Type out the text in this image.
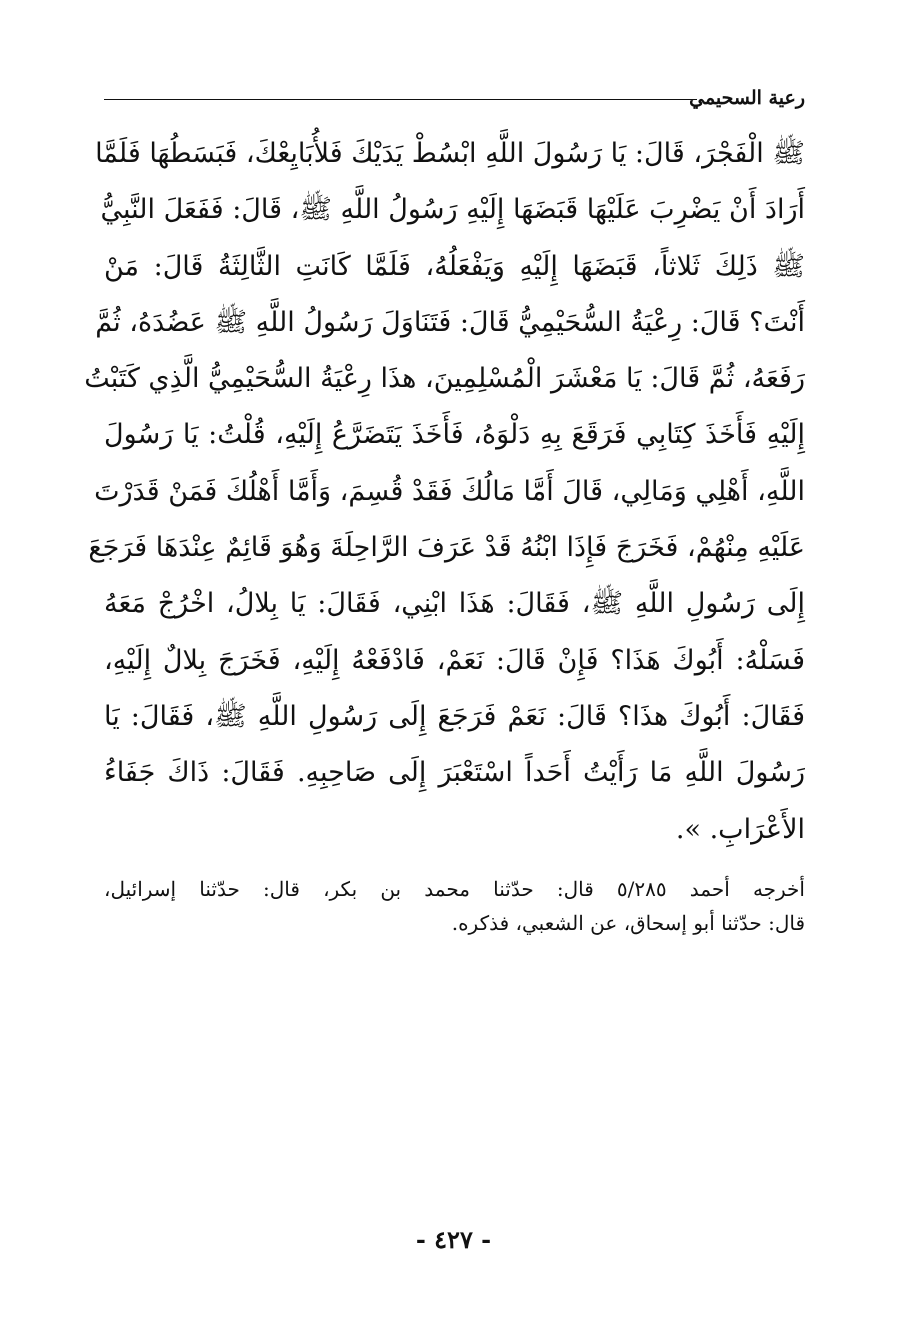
رعية السحيمي
ﷺ الْفَجْرَ، قَالَ: يَا رَسُولَ اللَّهِ ابْسُطْ يَدَيْكَ فَلأُبَايِعْكَ، فَبَسَطُهَا فَلَمَّا
أَرَادَ أَنْ يَضْرِبَ عَلَيْهَا قَبَضَهَا إِلَيْهِ رَسُولُ اللَّهِ ﷺ، قَالَ: فَفَعَلَ النَّبِيُّ
ﷺ ذَلِكَ ثَلاثاً، قَبَضَهَا إِلَيْهِ وَيَفْعَلُهُ، فَلَمَّا كَانَتِ الثَّالِثَةُ قَالَ: مَنْ
أَنْتَ؟ قَالَ: رِعْيَةُ السُّحَيْمِيُّ قَالَ: فَتَنَاوَلَ رَسُولُ اللَّهِ ﷺ عَضُدَهُ، ثُمَّ
رَفَعَهُ، ثُمَّ قَالَ: يَا مَعْشَرَ الْمُسْلِمِينَ، هذَا رِعْيَةُ السُّحَيْمِيُّ الَّذِي كَتَبْتُ
إِلَيْهِ فَأَخَذَ كِتَابِي فَرَقَعَ بِهِ دَلْوَهُ، فَأَخَذَ يَتَضَرَّعُ إِلَيْهِ، قُلْتُ: يَا رَسُولَ
اللَّهِ، أَهْلِي وَمَالِي، قَالَ أَمَّا مَالُكَ فَقَدْ قُسِمَ، وَأَمَّا أَهْلُكَ فَمَنْ قَدَرْتَ
عَلَيْهِ مِنْهُمْ، فَخَرَجَ فَإِذَا ابْنُهُ قَدْ عَرَفَ الرَّاحِلَةَ وَهُوَ قَائِمٌ عِنْدَهَا فَرَجَعَ
إِلَى رَسُولِ اللَّهِ ﷺ، فَقَالَ: هَذَا ابْنِي، فَقَالَ: يَا بِلالُ، اخْرُجْ مَعَهُ
فَسَلْهُ: أَبُوكَ هَذَا؟ فَإِنْ قَالَ: نَعَمْ، فَادْفَعْهُ إِلَيْهِ، فَخَرَجَ بِلالٌ إِلَيْهِ،
فَقَالَ: أَبُوكَ هذَا؟ قَالَ: نَعَمْ فَرَجَعَ إِلَى رَسُولِ اللَّهِ ﷺ، فَقَالَ: يَا
رَسُولَ اللَّهِ مَا رَأَيْتُ أَحَداً اسْتَعْبَرَ إِلَى صَاحِبِهِ. فَقَالَ: ذَاكَ جَفَاءُ
الأَعْرَابِ. ».
أخرجه أحمد ٥/٢٨٥ قال: حدّثنا محمد بن بكر، قال: حدّثنا إسرائيل،
قال: حدّثنا أبو إسحاق، عن الشعبي، فذكره.
- ٤٢٧ -
